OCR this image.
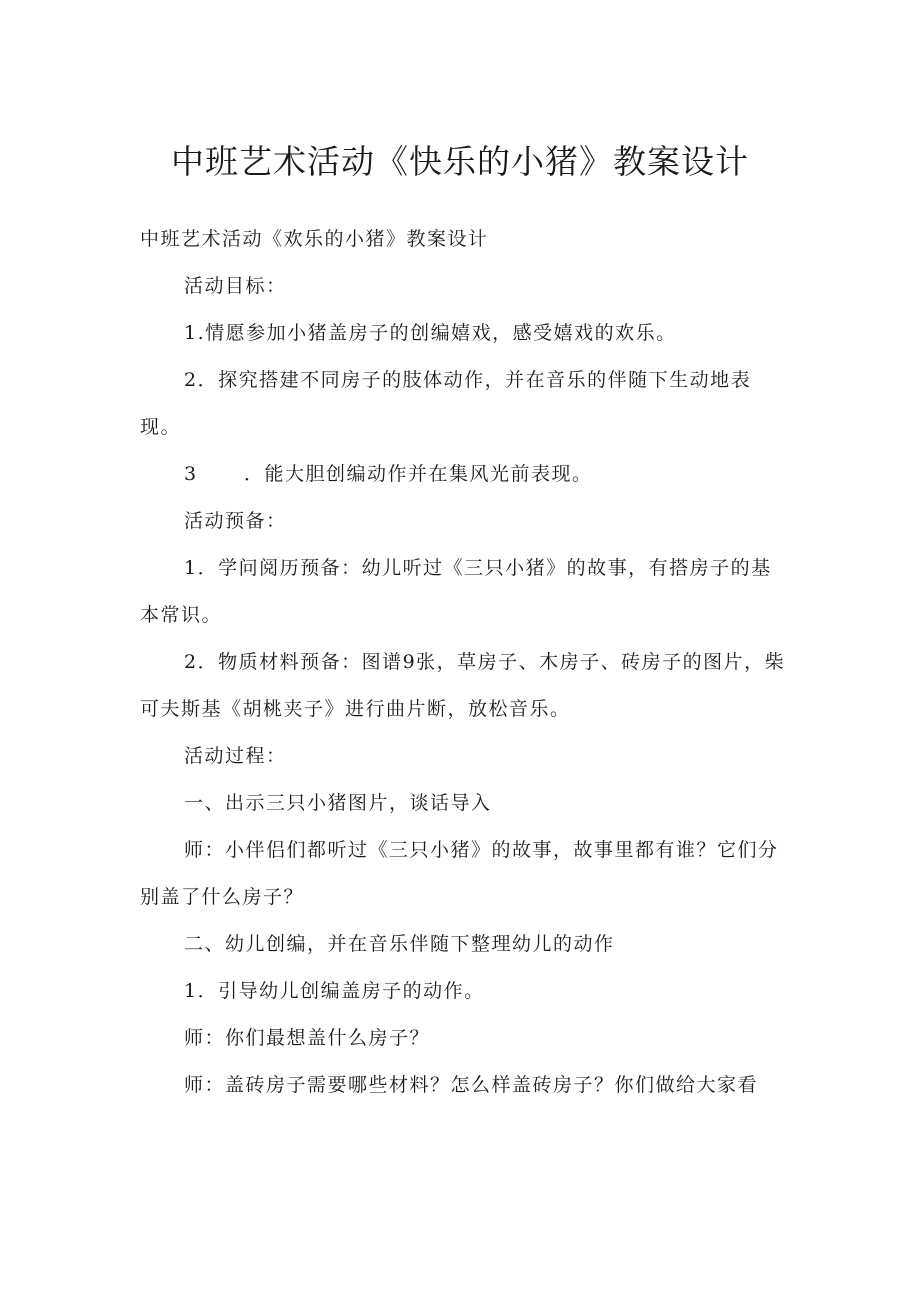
中班艺术活动《快乐的小猪》教案设计

中班艺术活动《欢乐的小猪》教案设计

活动目标：

1.情愿参加小猪盖房子的创编嬉戏，感受嬉戏的欢乐。

2．探究搭建不同房子的肢体动作，并在音乐的伴随下生动地表现。

3 ．能大胆创编动作并在集风光前表现。

活动预备：

1．学问阅历预备：幼儿听过《三只小猪》的故事，有搭房子的基本常识。

2．物质材料预备：图谱9张，草房子、木房子、砖房子的图片，柴可夫斯基《胡桃夹子》进行曲片断，放松音乐。

活动过程：

一、出示三只小猪图片，谈话导入

师：小伴侣们都听过《三只小猪》的故事，故事里都有谁？它们分别盖了什么房子？

二、幼儿创编，并在音乐伴随下整理幼儿的动作

1．引导幼儿创编盖房子的动作。

师：你们最想盖什么房子？

师：盖砖房子需要哪些材料？怎么样盖砖房子？你们做给大家看
